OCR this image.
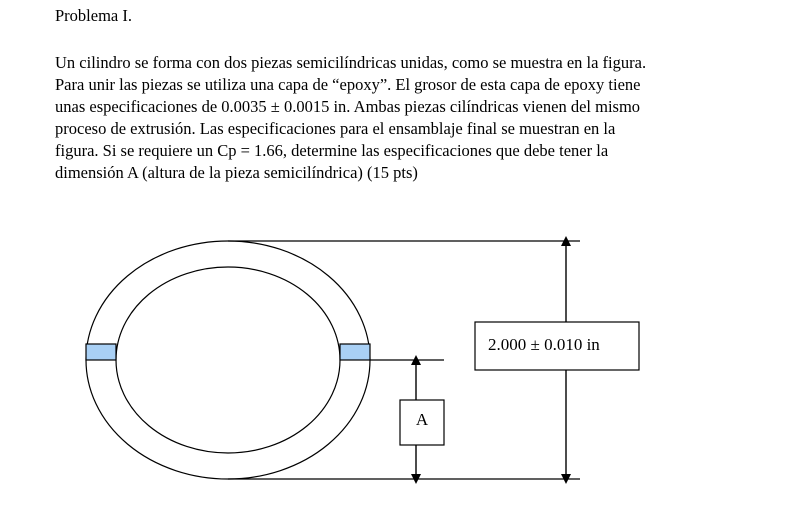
Problema I.
Un cilindro se forma con dos piezas semicilíndricas unidas, como se muestra en la figura.
Para unir las piezas se utiliza una capa de “epoxy”. El grosor de esta capa de epoxy tiene
unas especificaciones de 0.0035 ± 0.0015 in. Ambas piezas cilíndricas vienen del mismo
proceso de extrusión. Las especificaciones para el ensamblaje final se muestran en la
figura. Si se requiere un Cp = 1.66, determine las especificaciones que debe tener la
dimensión A (altura de la pieza semicilíndrica) (15 pts)
2.000 ± 0.010 in
A
